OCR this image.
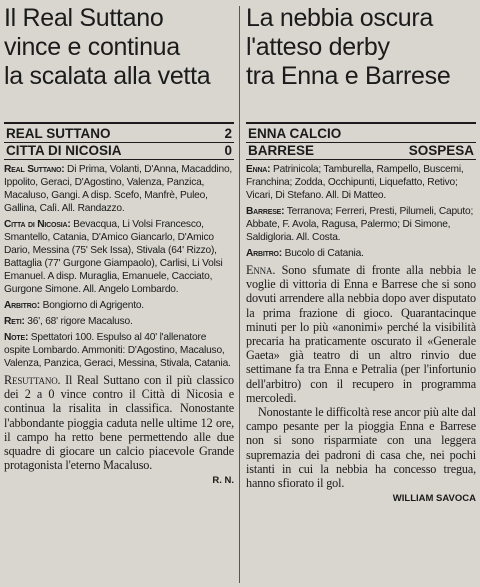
Il Real Suttano
vince e continua
la scalata alla vetta
REAL SUTTANO	2
CITTA DI NICOSIA	0

Real Suttano: Di Prima, Volanti, D'Anna, Macaddino, Ippolito, Geraci, D'Agostino, Valenza, Panzica, Macaluso, Gangi. A disp. Scefo, Manfrè, Puleo, Gallina, Calì. All. Randazzo.

Citta di Nicosia: Bevacqua, Li Volsi Francesco, Smantello, Catania, D'Amico Giancarlo, D'Amico Dario, Messina (75' Sek Issa), Stivala (64' Rizzo), Battaglia (77' Gurgone Giampaolo), Carlisi, Li Volsi Emanuel. A disp. Muraglia, Emanuele, Cacciato, Gurgone Simone. All. Angelo Lombardo.

Arbitro: Bongiorno di Agrigento.

Reti: 36', 68' rigore Macaluso.

Note: Spettatori 100. Espulso al 40' l'allenatore ospite Lombardo. Ammoniti: D'Agostino, Macaluso, Valenza, Panzica, Geraci, Messina, Stivala, Catania.

Resuttano. Il Real Suttano con il più classico dei 2 a 0 vince contro il Città di Nicosia e continua la risalita in classifica. Nonostante l'abbondante pioggia caduta nelle ultime 12 ore, il campo ha retto bene permettendo alle due squadre di giocare un calcio piacevole Grande protagonista l'eterno Macaluso.

R. N.
La nebbia oscura
l'atteso derby
tra Enna e Barrese
ENNA CALCIO
BARRESE	SOSPESA

Enna: Patrinicola; Tamburella, Rampello, Buscemi, Franchina; Zodda, Occhipunti, Liquefatto, Retivo; Vicari, Di Stefano. All. Di Matteo.

Barrese: Terranova; Ferreri, Presti, Pilumeli, Caputo; Abbate, F. Avola, Ragusa, Palermo; Di Simone, Saldigloria. All. Costa.

Arbitro: Bucolo di Catania.

Enna. Sono sfumate di fronte alla nebbia le voglie di vittoria di Enna e Barrese che si sono dovuti arrendere alla nebbia dopo aver disputato la prima frazione di gioco. Quarantacinque minuti per lo più «anonimi» perché la visibilità precaria ha praticamente oscurato il «Generale Gaeta» già teatro di un altro rinvio due settimane fa tra Enna e Petralia (per l'infortunio dell'arbitro) con il recupero in programma mercoledì.

Nonostante le difficoltà rese ancor più alte dal campo pesante per la pioggia Enna e Barrese non si sono risparmiate con una leggera supremazia dei padroni di casa che, nei pochi istanti in cui la nebbia ha concesso tregua, hanno sfiorato il gol.

WILLIAM SAVOCA
